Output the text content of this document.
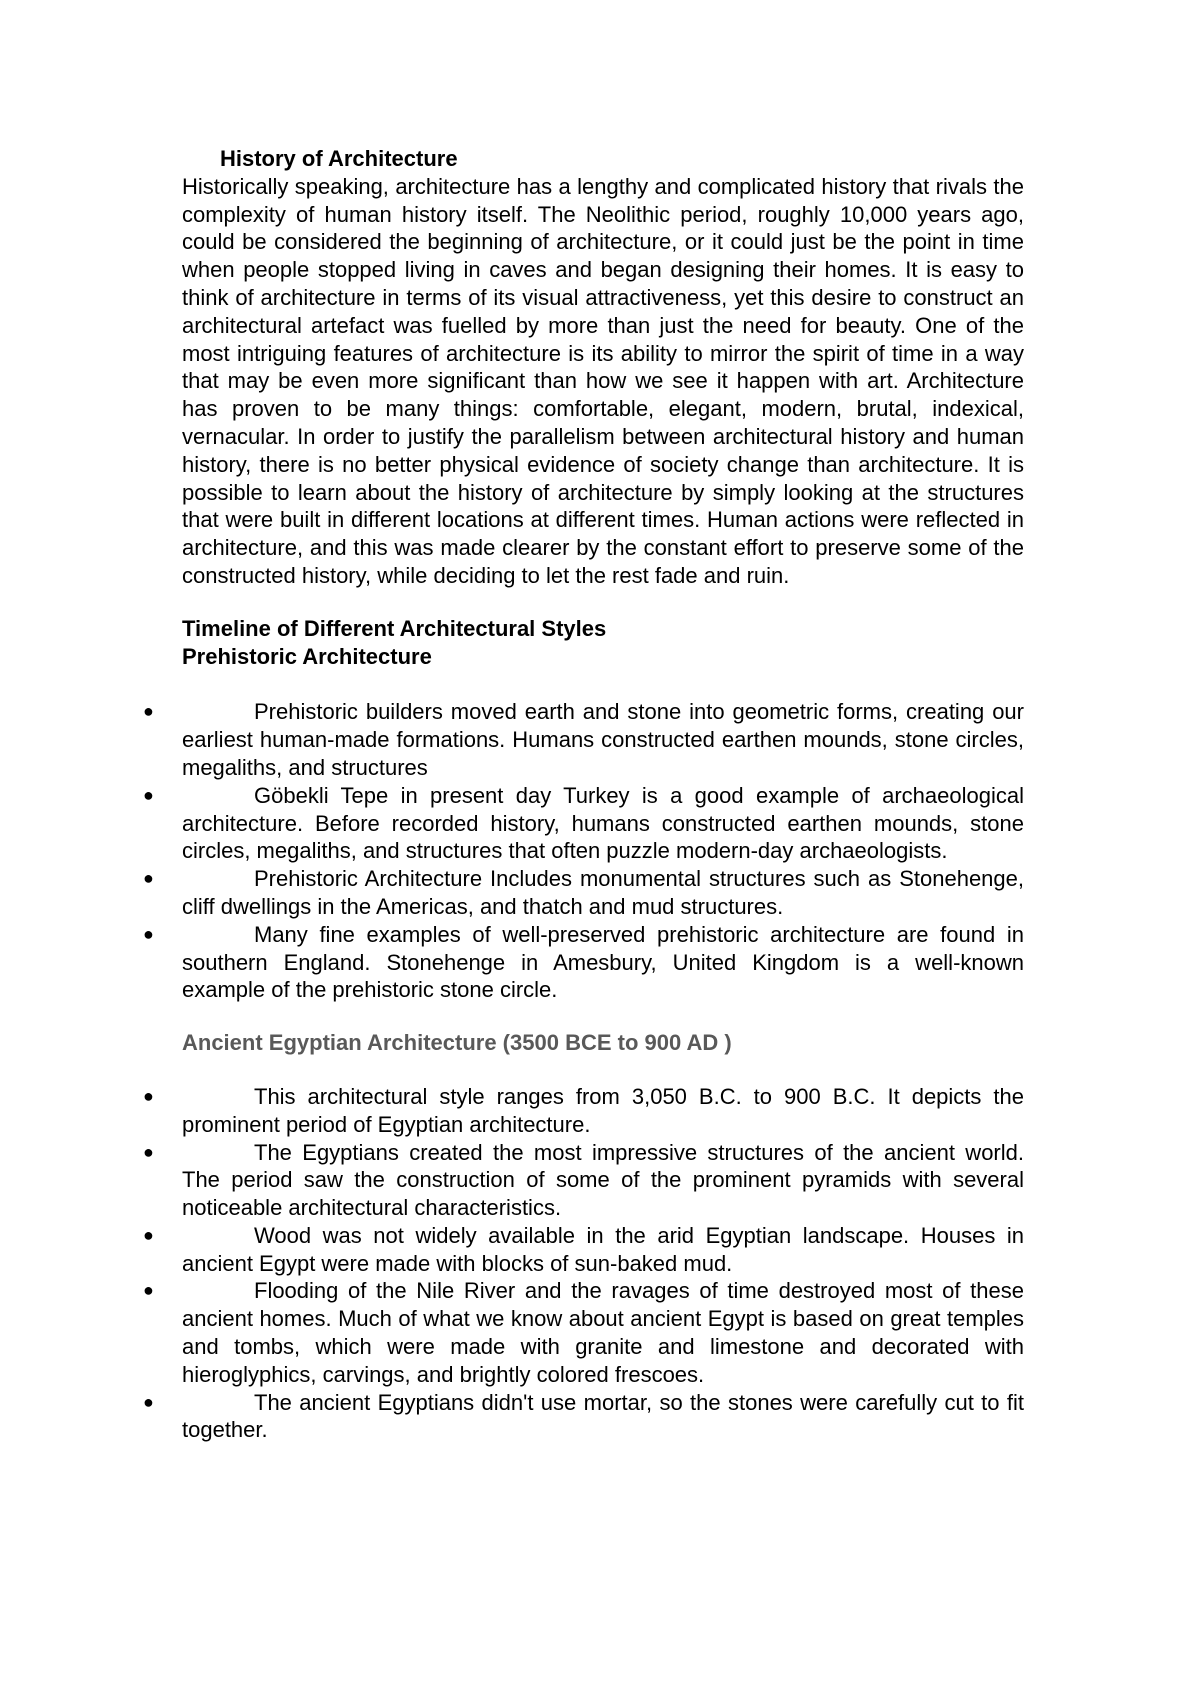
History of Architecture

Historically speaking, architecture has a lengthy and complicated history that rivals the complexity of human history itself. The Neolithic period, roughly 10,000 years ago, could be considered the beginning of architecture, or it could just be the point in time when people stopped living in caves and began designing their homes. It is easy to think of architecture in terms of its visual attractiveness, yet this desire to construct an architectural artefact was fuelled by more than just the need for beauty. One of the most intriguing features of architecture is its ability to mirror the spirit of time in a way that may be even more significant than how we see it happen with art. Architecture has proven to be many things: comfortable, elegant, modern, brutal, indexical, vernacular. In order to justify the parallelism between architectural history and human history, there is no better physical evidence of society change than architecture. It is possible to learn about the history of architecture by simply looking at the structures that were built in different locations at different times. Human actions were reflected in architecture, and this was made clearer by the constant effort to preserve some of the constructed history, while deciding to let the rest fade and ruin.

Timeline of Different Architectural Styles

Prehistoric Architecture

●	Prehistoric builders moved earth and stone into geometric forms, creating our earliest human-made formations. Humans constructed earthen mounds, stone circles, megaliths, and structures
●	Göbekli Tepe in present day Turkey is a good example of archaeological architecture. Before recorded history, humans constructed earthen mounds, stone circles, megaliths, and structures that often puzzle modern-day archaeologists.
●	Prehistoric Architecture Includes monumental structures such as Stonehenge, cliff dwellings in the Americas, and thatch and mud structures.
●	Many fine examples of well-preserved prehistoric architecture are found in southern England. Stonehenge in Amesbury, United Kingdom is a well-known example of the prehistoric stone circle.

Ancient Egyptian Architecture (3500 BCE to 900 AD )

●	This architectural style ranges from 3,050 B.C. to 900 B.C. It depicts the prominent period of Egyptian architecture.
●	The Egyptians created the most impressive structures of the ancient world. The period saw the construction of some of the prominent pyramids with several noticeable architectural characteristics.
●	Wood was not widely available in the arid Egyptian landscape. Houses in ancient Egypt were made with blocks of sun-baked mud.
●	Flooding of the Nile River and the ravages of time destroyed most of these ancient homes. Much of what we know about ancient Egypt is based on great temples and tombs, which were made with granite and limestone and decorated with hieroglyphics, carvings, and brightly colored frescoes.
●	The ancient Egyptians didn't use mortar, so the stones were carefully cut to fit together.
